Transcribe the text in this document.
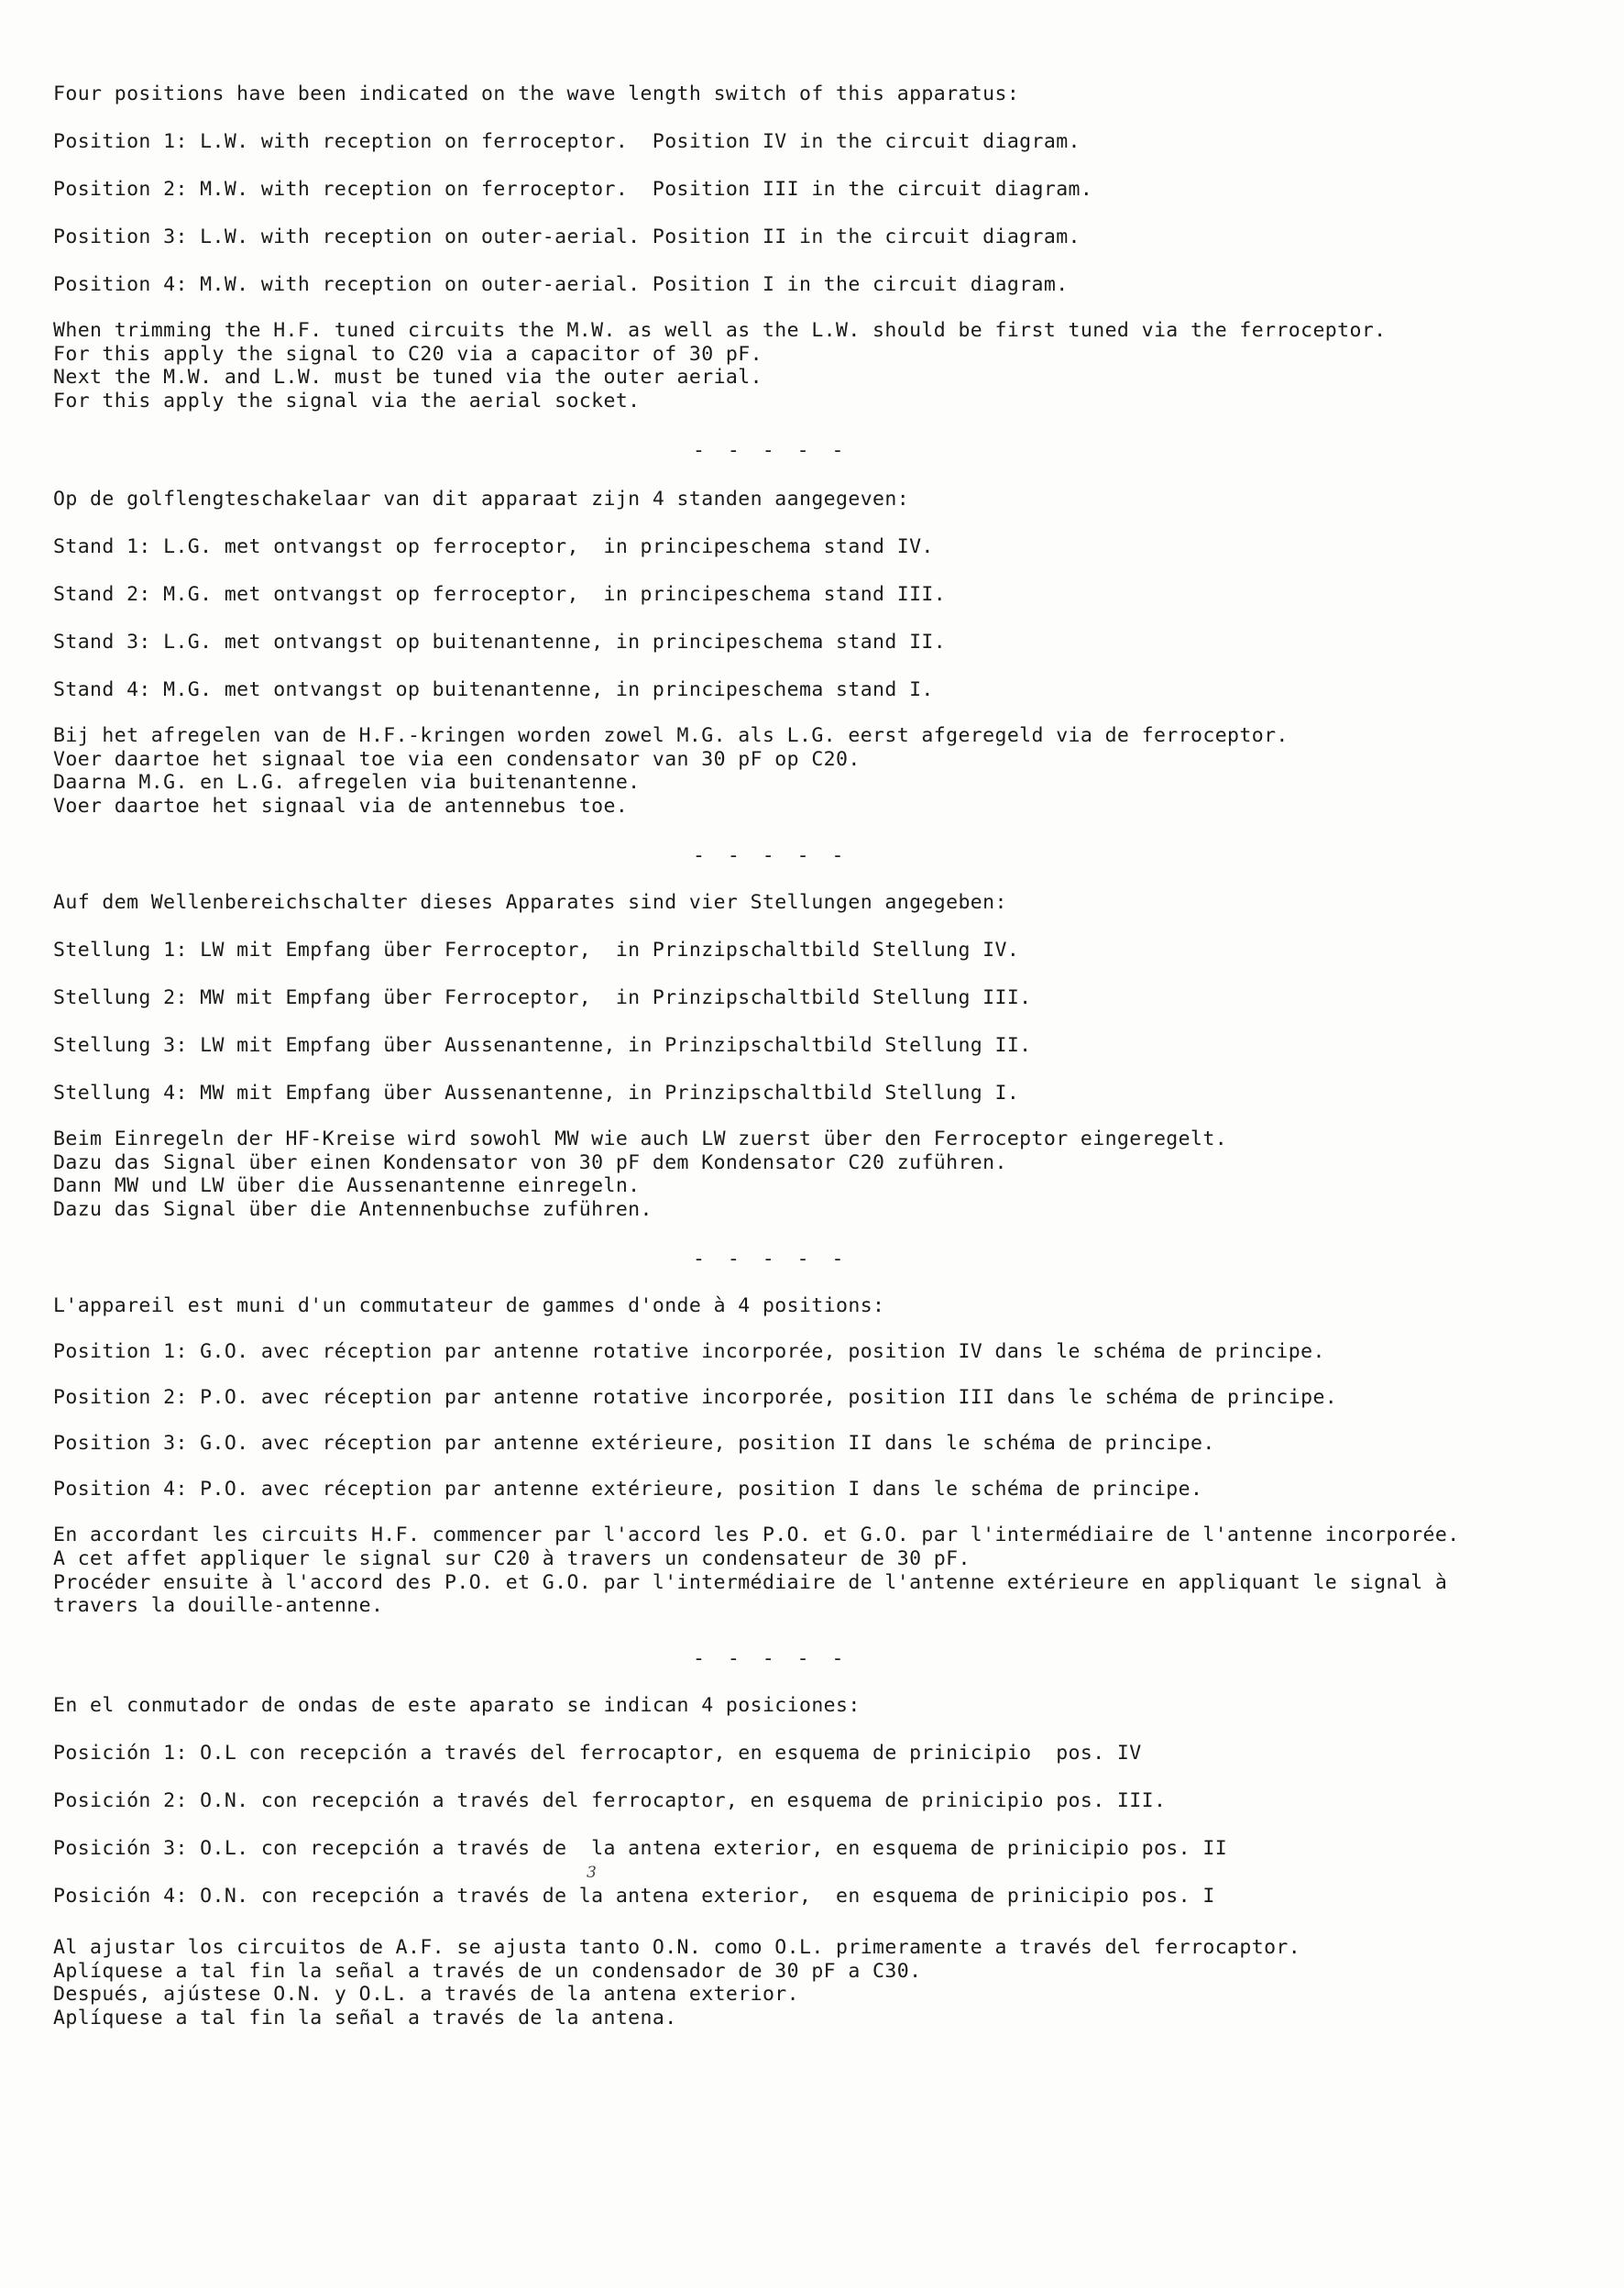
Four positions have been indicated on the wave length switch of this apparatus:
Position 1: L.W. with reception on ferroceptor.  Position IV in the circuit diagram.
Position 2: M.W. with reception on ferroceptor.  Position III in the circuit diagram.
Position 3: L.W. with reception on outer-aerial. Position II in the circuit diagram.
Position 4: M.W. with reception on outer-aerial. Position I in the circuit diagram.
When trimming the H.F. tuned circuits the M.W. as well as the L.W. should be first tuned via the ferroceptor.
For this apply the signal to C20 via a capacitor of 30 pF.
Next the M.W. and L.W. must be tuned via the outer aerial.
For this apply the signal via the aerial socket.
- - - - -
Op de golflengteschakelaar van dit apparaat zijn 4 standen aangegeven:
Stand 1: L.G. met ontvangst op ferroceptor,  in principeschema stand IV.
Stand 2: M.G. met ontvangst op ferroceptor,  in principeschema stand III.
Stand 3: L.G. met ontvangst op buitenantenne, in principeschema stand II.
Stand 4: M.G. met ontvangst op buitenantenne, in principeschema stand I.
Bij het afregelen van de H.F.-kringen worden zowel M.G. als L.G. eerst afgeregeld via de ferroceptor.
Voer daartoe het signaal toe via een condensator van 30 pF op C20.
Daarna M.G. en L.G. afregelen via buitenantenne.
Voer daartoe het signaal via de antennebus toe.
- - - - -
Auf dem Wellenbereichschalter dieses Apparates sind vier Stellungen angegeben:
Stellung 1: LW mit Empfang über Ferroceptor,  in Prinzipschaltbild Stellung IV.
Stellung 2: MW mit Empfang über Ferroceptor,  in Prinzipschaltbild Stellung III.
Stellung 3: LW mit Empfang über Aussenantenne, in Prinzipschaltbild Stellung II.
Stellung 4: MW mit Empfang über Aussenantenne, in Prinzipschaltbild Stellung I.
Beim Einregeln der HF-Kreise wird sowohl MW wie auch LW zuerst über den Ferroceptor eingeregelt.
Dazu das Signal über einen Kondensator von 30 pF dem Kondensator C20 zuführen.
Dann MW und LW über die Aussenantenne einregeln.
Dazu das Signal über die Antennenbuchse zuführen.
- - - - -
L'appareil est muni d'un commutateur de gammes d'onde à 4 positions:
Position 1: G.O. avec réception par antenne rotative incorporée, position IV dans le schéma de principe.
Position 2: P.O. avec réception par antenne rotative incorporée, position III dans le schéma de principe.
Position 3: G.O. avec réception par antenne extérieure, position II dans le schéma de principe.
Position 4: P.O. avec réception par antenne extérieure, position I dans le schéma de principe.
En accordant les circuits H.F. commencer par l'accord les P.O. et G.O. par l'intermédiaire de l'antenne incorporée.
A cet affet appliquer le signal sur C20 à travers un condensateur de 30 pF.
Procéder ensuite à l'accord des P.O. et G.O. par l'intermédiaire de l'antenne extérieure en appliquant le signal à
travers la douille-antenne.
- - - - -
En el conmutador de ondas de este aparato se indican 4 posiciones:
Posición 1: O.L con recepción a través del ferrocaptor, en esquema de prinicipio  pos. IV
Posición 2: O.N. con recepción a través del ferrocaptor, en esquema de prinicipio pos. III.
Posición 3: O.L. con recepción a través de  la antena exterior, en esquema de prinicipio pos. II
Posición 4: O.N. con recepción a través de la antena exterior,  en esquema de prinicipio pos. I
Al ajustar los circuitos de A.F. se ajusta tanto O.N. como O.L. primeramente a través del ferrocaptor.
Aplíquese a tal fin la señal a través de un condensador de 30 pF a C30.
Después, ajústese O.N. y O.L. a través de la antena exterior.
Aplíquese a tal fin la señal a través de la antena.
3
